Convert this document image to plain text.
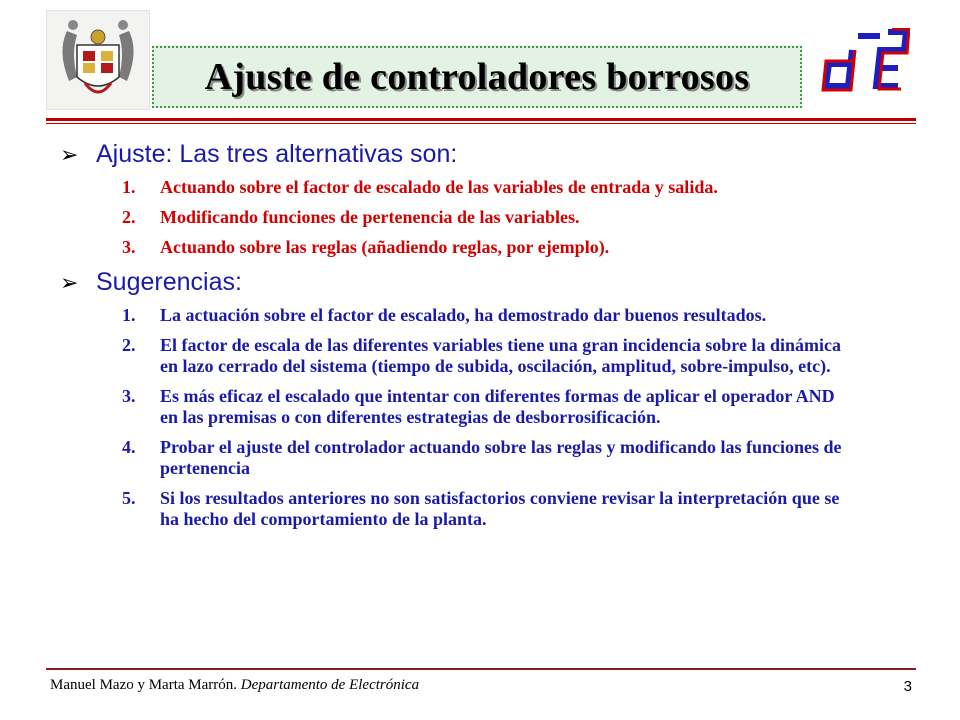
Ajuste de controladores borrosos
➢ Ajuste: Las tres alternativas son:
1.	Actuando sobre el factor de escalado de las variables de entrada y salida.
2.	Modificando funciones de pertenencia de las variables.
3.	Actuando sobre las reglas (añadiendo reglas, por ejemplo).
➢ Sugerencias:
1.	La actuación sobre el factor de escalado, ha demostrado dar buenos resultados.
2.	El factor de escala de las diferentes variables tiene una gran incidencia sobre la dinámica en lazo cerrado del sistema (tiempo de subida, oscilación, amplitud, sobre-impulso, etc).
3.	Es más eficaz el escalado que intentar con diferentes formas de aplicar el operador AND en las premisas o con diferentes estrategias de desborrosificación.
4.	Probar el ajuste del controlador actuando sobre las reglas y modificando las funciones de pertenencia
5.	Si los resultados anteriores no son satisfactorios conviene revisar la interpretación que se ha hecho del comportamiento de la planta.
Manuel Mazo y Marta Marrón. Departamento de Electrónica	3
